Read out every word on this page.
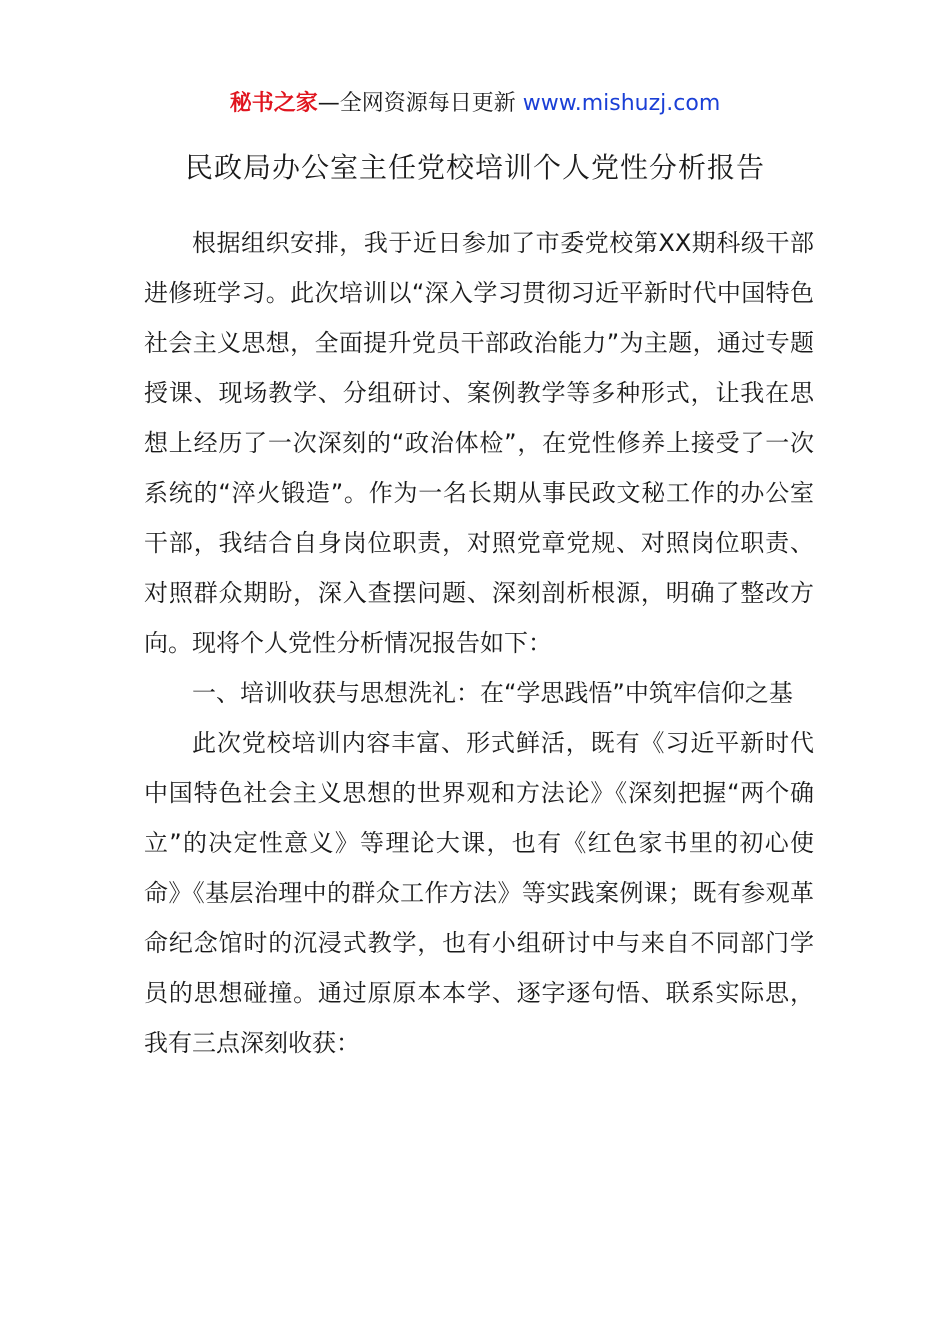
秘书之家—全网资源每日更新 www.mishuzj.com
民政局办公室主任党校培训个人党性分析报告

根据组织安排，我于近日参加了市委党校第XX期科级干部进修班学习。此次培训以“深入学习贯彻习近平新时代中国特色社会主义思想，全面提升党员干部政治能力”为主题，通过专题授课、现场教学、分组研讨、案例教学等多种形式，让我在思想上经历了一次深刻的“政治体检”，在党性修养上接受了一次系统的“淬火锻造”。作为一名长期从事民政文秘工作的办公室干部，我结合自身岗位职责，对照党章党规、对照岗位职责、对照群众期盼，深入查摆问题、深刻剖析根源，明确了整改方向。现将个人党性分析情况报告如下：

一、培训收获与思想洗礼：在“学思践悟”中筑牢信仰之基

此次党校培训内容丰富、形式鲜活，既有《习近平新时代中国特色社会主义思想的世界观和方法论》《深刻把握“两个确立”的决定性意义》等理论大课，也有《红色家书里的初心使命》《基层治理中的群众工作方法》等实践案例课；既有参观革命纪念馆时的沉浸式教学，也有小组研讨中与来自不同部门学员的思想碰撞。通过原原本本学、逐字逐句悟、联系实际思，我有三点深刻收获：
